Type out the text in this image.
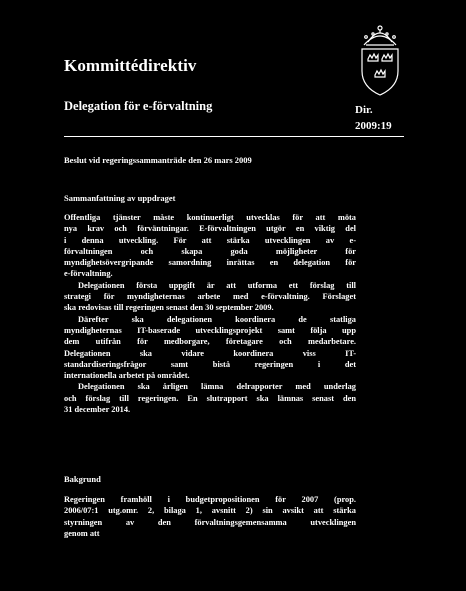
Kommittédirektiv
Delegation för e-förvaltning	Dir.
2009:19
Beslut vid regeringssammanträde den 26 mars 2009
Sammanfattning av uppdraget
Offentliga tjänster måste kontinuerligt utvecklas för att möta
nya krav och förväntningar. E-förvaltningen utgör en viktig del
i denna utveckling. För att stärka utvecklingen av e-
förvaltningen och skapa goda möjligheter för
myndighetsövergripande samordning inrättas en delegation för
e-förvaltning.
Delegationen första uppgift är att utforma ett förslag till
strategi för myndigheternas arbete med e-förvaltning. Förslaget
ska redovisas till regeringen senast den 30 september 2009.
Därefter ska delegationen koordinera de statliga
myndigheternas IT-baserade utvecklingsprojekt samt följa upp
dem utifrån för medborgare, företagare och medarbetare.
Delegationen ska vidare koordinera viss IT-
standardiseringsfrågor samt bistå regeringen i det
internationella arbetet på området.
Delegationen ska årligen lämna delrapporter med underlag
och förslag till regeringen. En slutrapport ska lämnas senast den
31 december 2014.
Bakgrund
Regeringen framhöll i budgetpropositionen för 2007 (prop.
2006/07:1 utg.omr. 2, bilaga 1, avsnitt 2) sin avsikt att stärka
styrningen av den förvaltningsgemensamma utvecklingen
genom att
